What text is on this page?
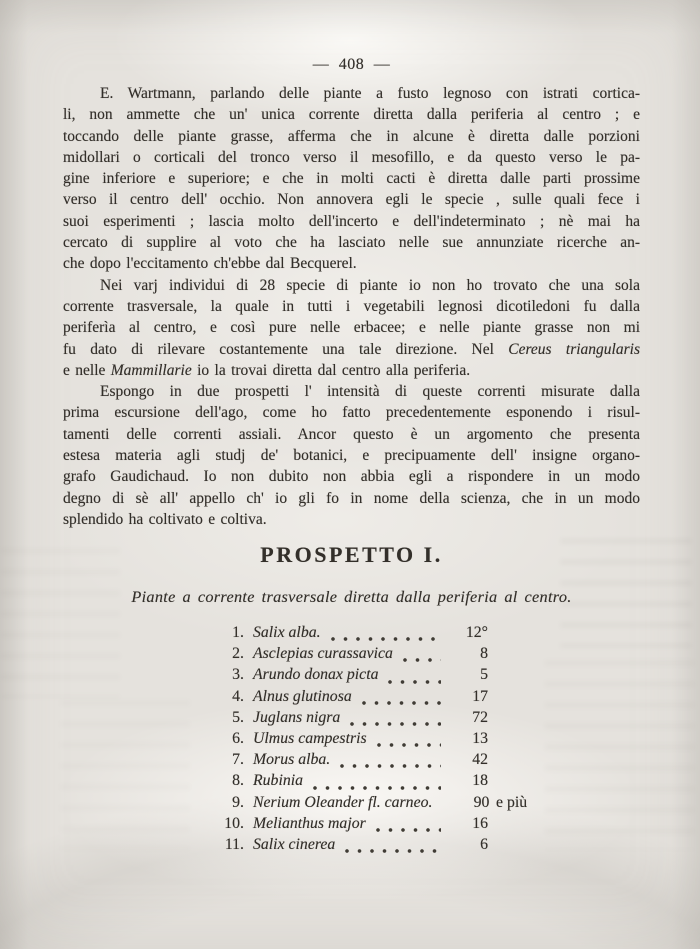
— 408 —
E. Wartmann, parlando delle piante a fusto legnoso con istrati cortica-
li, non ammette che un' unica corrente diretta dalla periferia al centro ; e
toccando delle piante grasse, afferma che in alcune è diretta dalle porzioni
midollari o corticali del tronco verso il mesofillo, e da questo verso le pa-
gine inferiore e superiore; e che in molti cacti è diretta dalle parti prossime
verso il centro dell' occhio. Non annovera egli le specie , sulle quali fece i
suoi esperimenti ; lascia molto dell'incerto e dell'indeterminato ; nè mai ha
cercato di supplire al voto che ha lasciato nelle sue annunziate ricerche an-
che dopo l'eccitamento ch'ebbe dal Becquerel.
Nei varj individui di 28 specie di piante io non ho trovato che una sola
corrente trasversale, la quale in tutti i vegetabili legnosi dicotiledoni fu dalla
periferìa al centro, e così pure nelle erbacee; e nelle piante grasse non mi
fu dato di rilevare costantemente una tale direzione. Nel Cereus triangularis
e nelle Mammillarie io la trovai diretta dal centro alla periferia.
Espongo in due prospetti l' intensità di queste correnti misurate dalla
prima escursione dell'ago, come ho fatto precedentemente esponendo i risul-
tamenti delle correnti assiali. Ancor questo è un argomento che presenta
estesa materia agli studj de' botanici, e precipuamente dell' insigne organo-
grafo Gaudichaud. Io non dubito non abbia egli a rispondere in un modo
degno di sè all' appello ch' io gli fo in nome della scienza, che in un modo
splendido ha coltivato e coltiva.
PROSPETTO I.
Piante a corrente trasversale diretta dalla periferia al centro.
1. Salix alba.	12°
2. Asclepias curassavica	8
3. Arundo donax picta	5
4. Alnus glutinosa	17
5. Juglans nigra	72
6. Ulmus campestris	13
7. Morus alba.	42
8. Rubinia	18
9. Nerium Oleander fl. carneo.	90 e più
10. Melianthus major	16
11. Salix cinerea	6
